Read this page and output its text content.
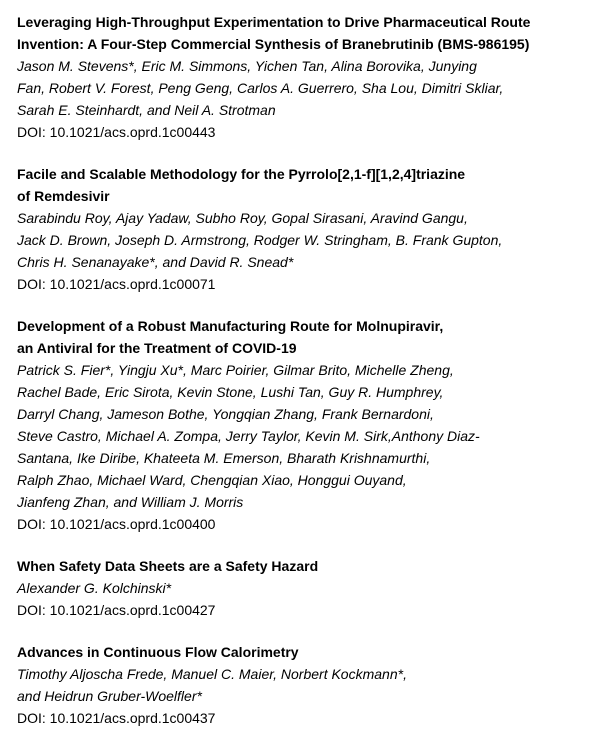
Leveraging High-Throughput Experimentation to Drive Pharmaceutical Route
Invention: A Four-Step Commercial Synthesis of Branebrutinib (BMS-986195)
Jason M. Stevens*, Eric M. Simmons, Yichen Tan, Alina Borovika, Junying
Fan, Robert V. Forest, Peng Geng, Carlos A. Guerrero, Sha Lou, Dimitri Skliar,
Sarah E. Steinhardt, and Neil A. Strotman
DOI: 10.1021/acs.oprd.1c00443
Facile and Scalable Methodology for the Pyrrolo[2,1-f][1,2,4]triazine
of Remdesivir
Sarabindu Roy, Ajay Yadaw, Subho Roy, Gopal Sirasani, Aravind Gangu,
Jack D. Brown, Joseph D. Armstrong, Rodger W. Stringham, B. Frank Gupton,
Chris H. Senanayake*, and David R. Snead*
DOI: 10.1021/acs.oprd.1c00071
Development of a Robust Manufacturing Route for Molnupiravir,
an Antiviral for the Treatment of COVID-19
Patrick S. Fier*, Yingju Xu*, Marc Poirier, Gilmar Brito, Michelle Zheng,
Rachel Bade, Eric Sirota, Kevin Stone, Lushi Tan, Guy R. Humphrey,
Darryl Chang, Jameson Bothe, Yongqian Zhang, Frank Bernardoni,
Steve Castro, Michael A. Zompa, Jerry Taylor, Kevin M. Sirk,Anthony Diaz-
Santana, Ike Diribe, Khateeta M. Emerson, Bharath Krishnamurthi,
Ralph Zhao, Michael Ward, Chengqian Xiao, Honggui Ouyand,
Jianfeng Zhan, and William J. Morris
DOI: 10.1021/acs.oprd.1c00400
When Safety Data Sheets are a Safety Hazard
Alexander G. Kolchinski*
DOI: 10.1021/acs.oprd.1c00427
Advances in Continuous Flow Calorimetry
Timothy Aljoscha Frede, Manuel C. Maier, Norbert Kockmann*,
and Heidrun Gruber-Woelfler*
DOI: 10.1021/acs.oprd.1c00437
